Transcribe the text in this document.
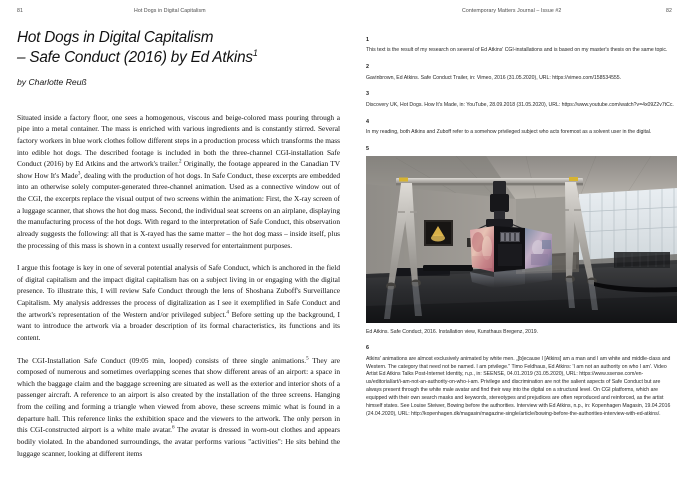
81	Hot Dogs in Digital Capitalism	Contemporary Matters Journal – Issue #2	82
Hot Dogs in Digital Capitalism
– Safe Conduct (2016) by Ed Atkins$^1$
by Charlotte Reuß

Situated inside a factory floor, one sees a homogenous, viscous and beige-colored mass pouring through a pipe into a metal container. The mass is enriched with various ingredients and is constantly stirred. Several factory workers in blue work clothes follow different steps in a production process which transforms the mass into edible hot dogs. The described footage is included in both the three-channel CGI-installation Safe Conduct (2016) by Ed Atkins and the artwork's trailer.$^2$ Originally, the footage appeared in the Canadian TV show How It's Made$^3$, dealing with the production of hot dogs. In Safe Conduct, these excerpts are embedded into an otherwise solely computer-generated three-channel animation. Used as a connective window out of the CGI, the excerpts replace the visual output of two screens within the animation: First, the X-ray screen of a luggage scanner, that shows the hot dog mass. Second, the individual seat screens on an airplane, displaying the manufacturing process of the hot dogs. With regard to the interpretation of Safe Conduct, this observation already suggests the following: all that is X-rayed has the same matter – the hot dog mass – inside itself, plus the processing of this mass is shown in a context usually reserved for entertainment purposes.

I argue this footage is key in one of several potential analysis of Safe Conduct, which is anchored in the field of digital capitalism and the impact digital capitalism has on a subject living in or engaging with the digital presence. To illustrate this, I will review Safe Conduct through the lens of Shoshana Zuboff's Surveillance Capitalism. My analysis addresses the process of digitalization as I see it exemplified in Safe Conduct and the artwork's representation of the Western and/or privileged subject.$^4$ Before setting up the background, I want to introduce the artwork via a broader description of its formal characteristics, its functions and its content.

The CGI-Installation Safe Conduct (09:05 min, looped) consists of three single animations.$^5$ They are composed of numerous and sometimes overlapping scenes that show different areas of an airport: a space in which the baggage claim and the baggage screening are situated as well as the exterior and interior shots of a passenger aircraft. A reference to an airport is also created by the installation of the three screens. Hanging from the ceiling and forming a triangle when viewed from above, these screens mimic what is found in a departure hall. This reference links the exhibition space and the viewers to the artwork. The only person in this CGI-constructed airport is a white male avatar.$^6$ The avatar is dressed in worn-out clothes and appears bodily violated. In the abandoned surroundings, the avatar performs various "activities": He sits behind the luggage scanner, looking at different items

1
This text is the result of my research on several of Ed Atkins' CGI-installations and is based on my master's thesis on the same topic.
2
Gavinbrown, Ed Atkins. Safe Conduct Trailer, in: Vimeo, 2016 (31.05.2020), URL: https://vimeo.com/158534555.
3
Discovery UK, Hot Dogs. How It's Made, in: YouTube, 28.09.2018 (31.05.2020), URL: https://www.youtube.com/watch?v=4x09Z2v7tCc.
4
In my reading, both Atkins and Zuboff refer to a somehow privileged subject who acts foremost as a solvent user in the digital.
5
Ed Atkins. Safe Conduct, 2016. Installation view, Kunsthaus Bregenz, 2019.
6
Atkins' animations are almost exclusively animated by white men. „[b]ecause I [Atkins] am a man and I am white and middle-class and Western. The category that need not be named. I am privilege." Timo Feldhaus, Ed Atkins: 'I am not an authority on who I am'. Video Artist Ed Atkins Talks Post-Internet Identity, n.p., in: SEENSE, 04.01.2019 (31.05.2020), URL: https://www.ssense.com/en-us/editorial/art/i-am-not-an-authority-on-who-i-am. Privilege and discrimination are not the salient aspects of Safe Conduct but are always present through the white male avatar and find their way into the digital on a structural level. On CGI platforms, which are equipped with their own search masks and keywords, stereotypes and prejudices are often reproduced and reinforced, as the artist himself states. See Louise Steiwer, Bowing before the authorities. Interview with Ed Atkins, n.p., in: Kopenhagen Magasin, 19.04.2016 (24.04.2020), URL: http://kopenhagen.dk/magasin/magazine-single/article/bowing-before-the-authorities-interview-with-ed-atkins/.
